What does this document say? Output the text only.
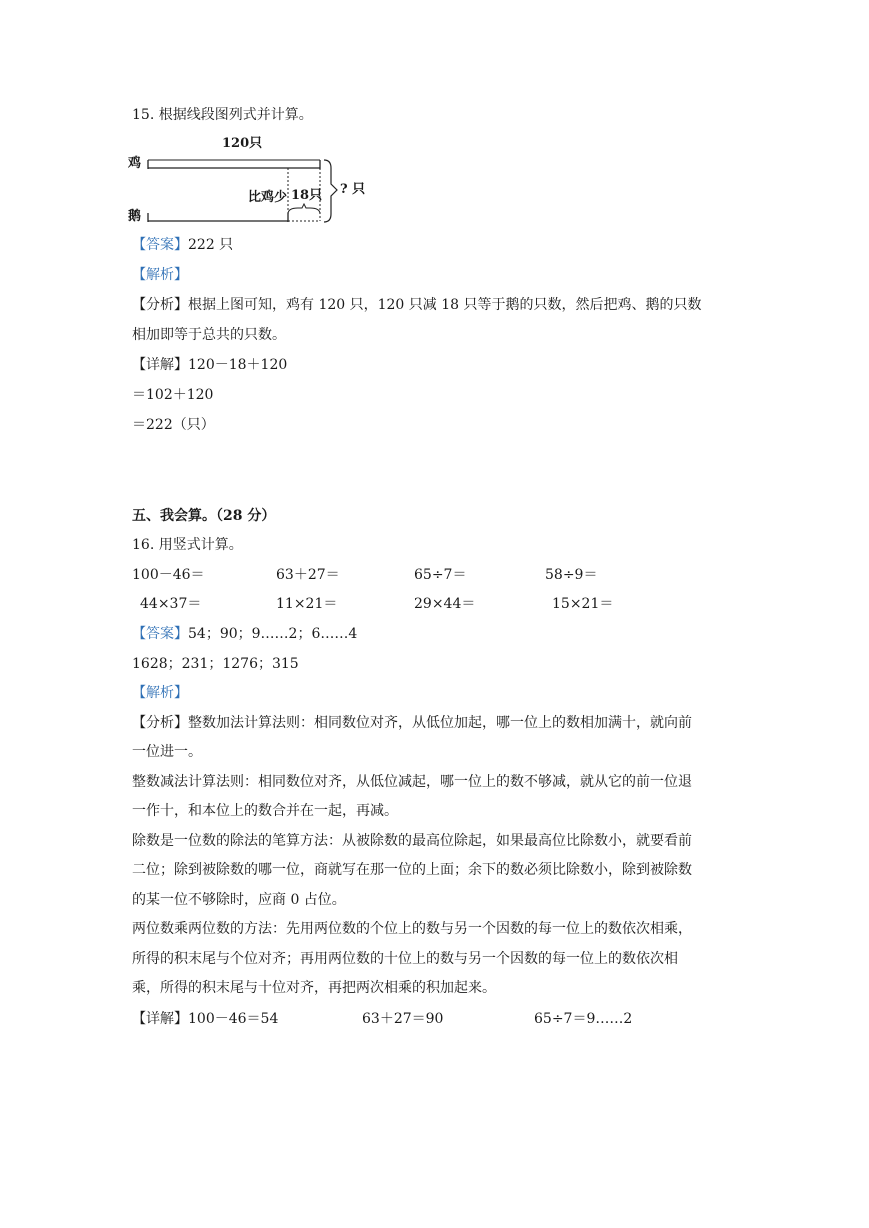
15. 根据线段图列式并计算。
鸡
鹅
120只
比鸡少 18只 ? 只
【答案】222 只
【解析】
【分析】根据上图可知，鸡有 120 只，120 只减 18 只等于鹅的只数，然后把鸡、鹅的只数
相加即等于总共的只数。
【详解】120－18＋120
＝102＋120
＝222（只）
五、我会算。（28 分）
16. 用竖式计算。
100－46＝	63＋27＝	65÷7＝	58÷9＝
44×37＝	11×21＝	29×44＝	15×21＝
【答案】54；90；9……2；6……4
1628；231；1276；315
【解析】
【分析】整数加法计算法则：相同数位对齐，从低位加起，哪一位上的数相加满十，就向前
一位进一。
整数减法计算法则：相同数位对齐，从低位减起，哪一位上的数不够减，就从它的前一位退
一作十，和本位上的数合并在一起，再减。
除数是一位数的除法的笔算方法：从被除数的最高位除起，如果最高位比除数小，就要看前
二位；除到被除数的哪一位，商就写在那一位的上面；余下的数必须比除数小，除到被除数
的某一位不够除时，应商 0 占位。
两位数乘两位数的方法：先用两位数的个位上的数与另一个因数的每一位上的数依次相乘，
所得的积末尾与个位对齐；再用两位数的十位上的数与另一个因数的每一位上的数依次相
乘，所得的积末尾与十位对齐，再把两次相乘的积加起来。
【详解】100－46＝54	63＋27＝90	65÷7＝9……2
